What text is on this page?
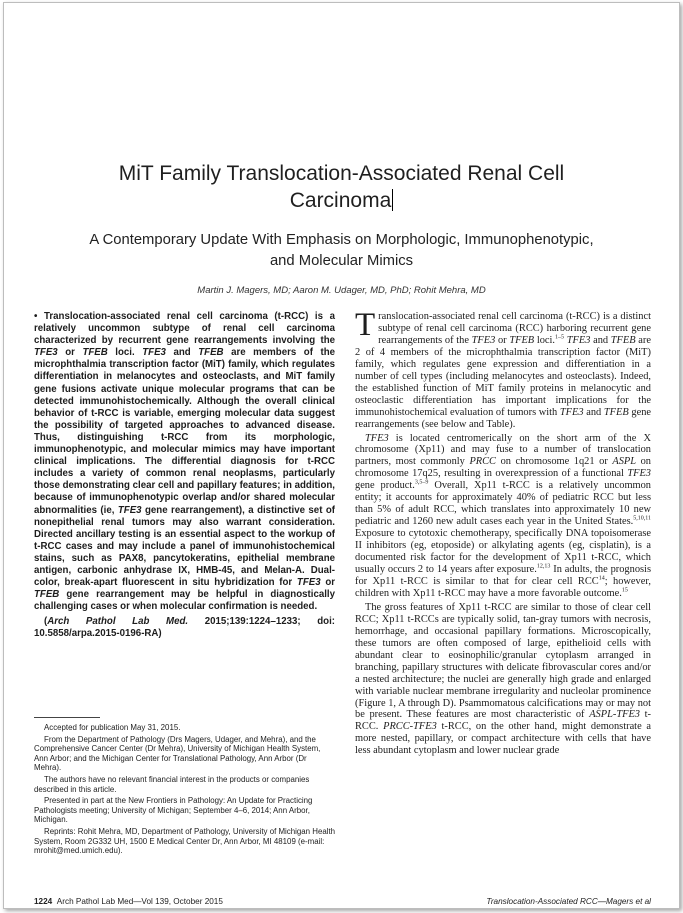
MiT Family Translocation-Associated Renal Cell
Carcinoma
A Contemporary Update With Emphasis on Morphologic, Immunophenotypic,
and Molecular Mimics
Martin J. Magers, MD; Aaron M. Udager, MD, PhD; Rohit Mehra, MD

• Translocation-associated renal cell carcinoma (t-RCC) is a relatively uncommon subtype of renal cell carcinoma characterized by recurrent gene rearrangements involving the TFE3 or TFEB loci. TFE3 and TFEB are members of the microphthalmia transcription factor (MiT) family, which regulates differentiation in melanocytes and osteoclasts, and MiT family gene fusions activate unique molecular programs that can be detected immunohistochemically. Although the overall clinical behavior of t-RCC is variable, emerging molecular data suggest the possibility of targeted approaches to advanced disease. Thus, distinguishing t-RCC from its morphologic, immunophenotypic, and molecular mimics may have important clinical implications. The differential diagnosis for t-RCC includes a variety of common renal neoplasms, particularly those demonstrating clear cell and papillary features; in addition, because of immunophenotypic overlap and/or shared molecular abnormalities (ie, TFE3 gene rearrangement), a distinctive set of nonepithelial renal tumors may also warrant consideration. Directed ancillary testing is an essential aspect to the workup of t-RCC cases and may include a panel of immunohistochemical stains, such as PAX8, pancytokeratins, epithelial membrane antigen, carbonic anhydrase IX, HMB-45, and Melan-A. Dual-color, break-apart fluorescent in situ hybridization for TFE3 or TFEB gene rearrangement may be helpful in diagnostically challenging cases or when molecular confirmation is needed.

(Arch Pathol Lab Med. 2015;139:1224–1233; doi: 10.5858/arpa.2015-0196-RA)

Accepted for publication May 31, 2015.

From the Department of Pathology (Drs Magers, Udager, and Mehra), and the Comprehensive Cancer Center (Dr Mehra), University of Michigan Health System, Ann Arbor; and the Michigan Center for Translational Pathology, Ann Arbor (Dr Mehra).

The authors have no relevant financial interest in the products or companies described in this article.

Presented in part at the New Frontiers in Pathology: An Update for Practicing Pathologists meeting; University of Michigan; September 4–6, 2014; Ann Arbor, Michigan.

Reprints: Rohit Mehra, MD, Department of Pathology, University of Michigan Health System, Room 2G332 UH, 1500 E Medical Center Dr, Ann Arbor, MI 48109 (e-mail: mrohit@med.umich.edu).

Translocation-associated renal cell carcinoma (t-RCC) is a distinct subtype of renal cell carcinoma (RCC) harboring recurrent gene rearrangements of the TFE3 or TFEB loci.$^{1-5}$ TFE3 and TFEB are 2 of 4 members of the microphthalmia transcription factor (MiT) family, which regulates gene expression and differentiation in a number of cell types (including melanocytes and osteoclasts). Indeed, the established function of MiT family proteins in melanocytic and osteoclastic differentiation has important implications for the immunohistochemical evaluation of tumors with TFE3 and TFEB gene rearrangements (see below and Table).

TFE3 is located centromerically on the short arm of the X chromosome (Xp11) and may fuse to a number of translocation partners, most commonly PRCC on chromosome 1q21 or ASPL on chromosome 17q25, resulting in overexpression of a functional TFE3 gene product.$^{3,5-9}$ Overall, Xp11 t-RCC is a relatively uncommon entity; it accounts for approximately 40% of pediatric RCC but less than 5% of adult RCC, which translates into approximately 10 new pediatric and 1260 new adult cases each year in the United States.$^{5,10,11}$ Exposure to cytotoxic chemotherapy, specifically DNA topoisomerase II inhibitors (eg, etoposide) or alkylating agents (eg, cisplatin), is a documented risk factor for the development of Xp11 t-RCC, which usually occurs 2 to 14 years after exposure.$^{12,13}$ In adults, the prognosis for Xp11 t-RCC is similar to that for clear cell RCC$^{14}$; however, children with Xp11 t-RCC may have a more favorable outcome.$^{15}$

The gross features of Xp11 t-RCC are similar to those of clear cell RCC; Xp11 t-RCCs are typically solid, tan-gray tumors with necrosis, hemorrhage, and occasional papillary formations. Microscopically, these tumors are often composed of large, epithelioid cells with abundant clear to eosinophilic/granular cytoplasm arranged in branching, papillary structures with delicate fibrovascular cores and/or a nested architecture; the nuclei are generally high grade and enlarged with variable nuclear membrane irregularity and nucleolar prominence (Figure 1, A through D). Psammomatous calcifications may or may not be present. These features are most characteristic of ASPL-TFE3 t-RCC. PRCC-TFE3 t-RCC, on the other hand, might demonstrate a more nested, papillary, or compact architecture with cells that have less abundant cytoplasm and lower nuclear grade

1224 Arch Pathol Lab Med—Vol 139, October 2015	Translocation-Associated RCC—Magers et al
